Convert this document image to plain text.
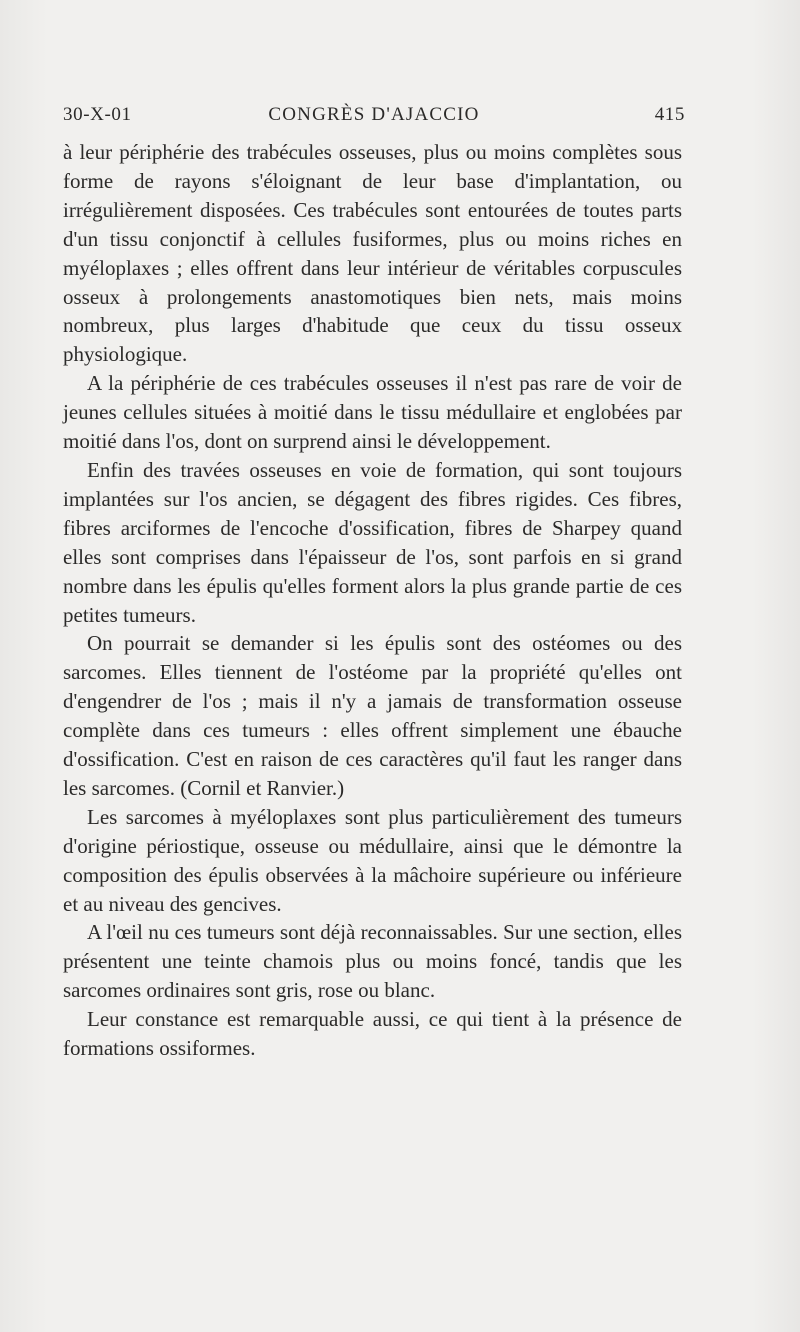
30-X-01	CONGRÈS D'AJACCIO	415

à leur périphérie des trabécules osseuses, plus ou moins complètes sous forme de rayons s'éloignant de leur base d'implantation, ou irrégulièrement disposées. Ces trabécules sont entourées de toutes parts d'un tissu conjonctif à cellules fusiformes, plus ou moins riches en myéloplaxes ; elles offrent dans leur intérieur de véritables corpuscules osseux à prolongements anastomotiques bien nets, mais moins nombreux, plus larges d'habitude que ceux du tissu osseux physiologique.

A la périphérie de ces trabécules osseuses il n'est pas rare de voir de jeunes cellules situées à moitié dans le tissu médullaire et englobées par moitié dans l'os, dont on surprend ainsi le développement.

Enfin des travées osseuses en voie de formation, qui sont toujours implantées sur l'os ancien, se dégagent des fibres rigides. Ces fibres, fibres arciformes de l'encoche d'ossification, fibres de Sharpey quand elles sont comprises dans l'épaisseur de l'os, sont parfois en si grand nombre dans les épulis qu'elles forment alors la plus grande partie de ces petites tumeurs.

On pourrait se demander si les épulis sont des ostéomes ou des sarcomes. Elles tiennent de l'ostéome par la propriété qu'elles ont d'engendrer de l'os ; mais il n'y a jamais de transformation osseuse complète dans ces tumeurs : elles offrent simplement une ébauche d'ossification. C'est en raison de ces caractères qu'il faut les ranger dans les sarcomes. (Cornil et Ranvier.)

Les sarcomes à myéloplaxes sont plus particulièrement des tumeurs d'origine périostique, osseuse ou médullaire, ainsi que le démontre la composition des épulis observées à la mâchoire supérieure ou inférieure et au niveau des gencives.

A l'œil nu ces tumeurs sont déjà reconnaissables. Sur une section, elles présentent une teinte chamois plus ou moins foncé, tandis que les sarcomes ordinaires sont gris, rose ou blanc.

Leur constance est remarquable aussi, ce qui tient à la présence de formations ossiformes.
